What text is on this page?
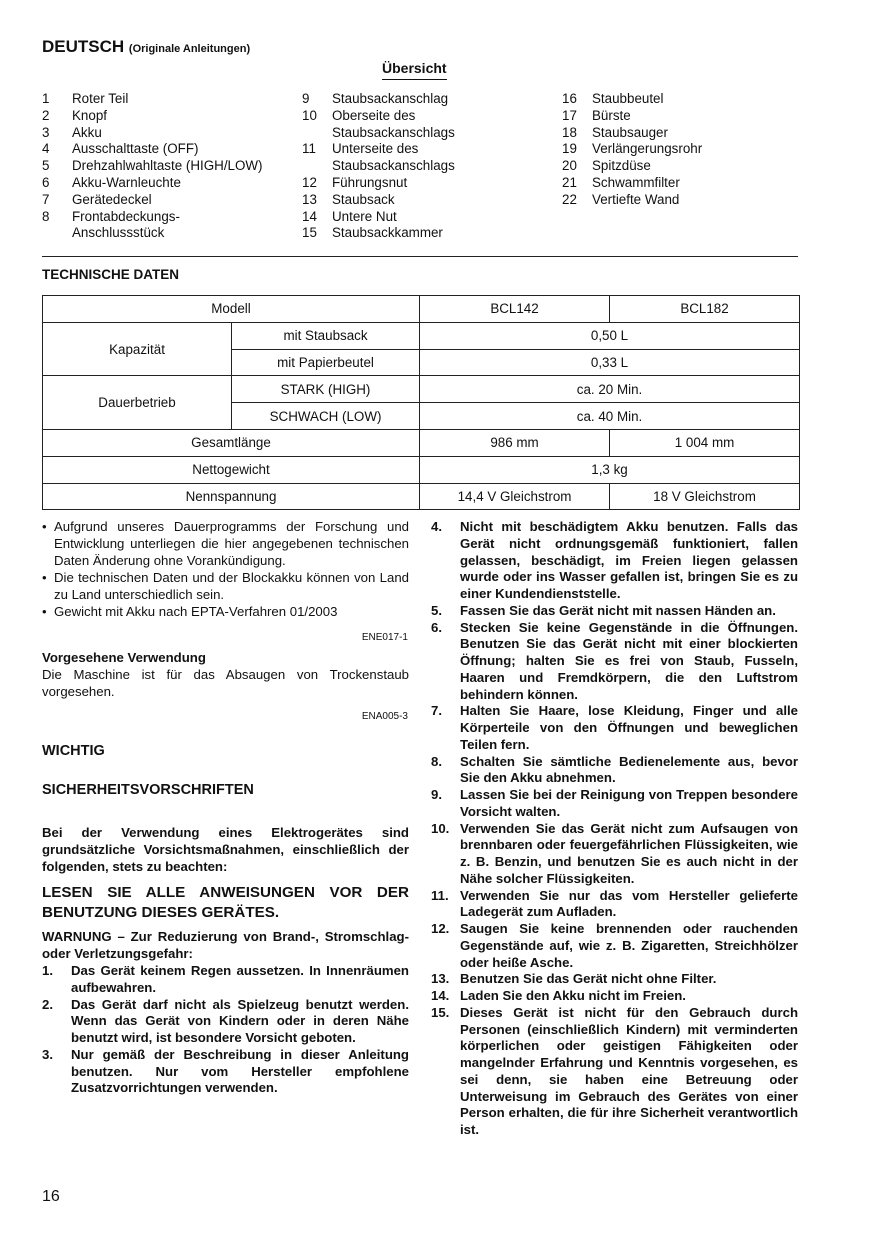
DEUTSCH (Originale Anleitungen)
Übersicht
1	Roter Teil
2	Knopf
3	Akku
4	Ausschalttaste (OFF)
5	Drehzahlwahltaste (HIGH/LOW)
6	Akku-Warnleuchte
7	Gerätedeckel
8	Frontabdeckungs-
Anschlussstück
9	Staubsackanschlag
10	Oberseite des
Staubsackanschlags
11	Unterseite des
Staubsackanschlags
12	Führungsnut
13	Staubsack
14	Untere Nut
15	Staubsackkammer
16	Staubbeutel
17	Bürste
18	Staubsauger
19	Verlängerungsrohr
20	Spitzdüse
21	Schwammfilter
22	Vertiefte Wand
TECHNISCHE DATEN
Modell		BCL142	BCL182
Kapazität	mit Staubsack	0,50 L	
	mit Papierbeutel	0,33 L	
Dauerbetrieb	STARK (HIGH)	ca. 20 Min.	
	SCHWACH (LOW)	ca. 40 Min.	
Gesamtlänge		986 mm	1 004 mm
Nettogewicht		1,3 kg	
Nennspannung		14,4 V Gleichstrom	18 V Gleichstrom
• Aufgrund unseres Dauerprogramms der Forschung und Entwicklung unterliegen die hier angegebenen technischen Daten Änderung ohne Vorankündigung.
• Die technischen Daten und der Blockakku können von Land zu Land unterschiedlich sein.
• Gewicht mit Akku nach EPTA-Verfahren 01/2003
ENE017-1
Vorgesehene Verwendung
Die Maschine ist für das Absaugen von Trockenstaub vorgesehen.
ENA005-3
WICHTIG
SICHERHEITSVORSCHRIFTEN
Bei der Verwendung eines Elektrogerätes sind grundsätzliche Vorsichtsmaßnahmen, einschließlich der folgenden, stets zu beachten:
LESEN SIE ALLE ANWEISUNGEN VOR DER BENUTZUNG DIESES GERÄTES.
WARNUNG – Zur Reduzierung von Brand-, Stromschlag- oder Verletzungsgefahr:
1.	Das Gerät keinem Regen aussetzen. In Innenräumen aufbewahren.
2.	Das Gerät darf nicht als Spielzeug benutzt werden. Wenn das Gerät von Kindern oder in deren Nähe benutzt wird, ist besondere Vorsicht geboten.
3.	Nur gemäß der Beschreibung in dieser Anleitung benutzen. Nur vom Hersteller empfohlene Zusatzvorrichtungen verwenden.
4.	Nicht mit beschädigtem Akku benutzen. Falls das Gerät nicht ordnungsgemäß funktioniert, fallen gelassen, beschädigt, im Freien liegen gelassen wurde oder ins Wasser gefallen ist, bringen Sie es zu einer Kundendienststelle.
5.	Fassen Sie das Gerät nicht mit nassen Händen an.
6.	Stecken Sie keine Gegenstände in die Öffnungen. Benutzen Sie das Gerät nicht mit einer blockierten Öffnung; halten Sie es frei von Staub, Fusseln, Haaren und Fremdkörpern, die den Luftstrom behindern können.
7.	Halten Sie Haare, lose Kleidung, Finger und alle Körperteile von den Öffnungen und beweglichen Teilen fern.
8.	Schalten Sie sämtliche Bedienelemente aus, bevor Sie den Akku abnehmen.
9.	Lassen Sie bei der Reinigung von Treppen besondere Vorsicht walten.
10. Verwenden Sie das Gerät nicht zum Aufsaugen von brennbaren oder feuergefährlichen Flüssigkeiten, wie z. B. Benzin, und benutzen Sie es auch nicht in der Nähe solcher Flüssigkeiten.
11. Verwenden Sie nur das vom Hersteller gelieferte Ladegerät zum Aufladen.
12. Saugen Sie keine brennenden oder rauchenden Gegenstände auf, wie z. B. Zigaretten, Streichhölzer oder heiße Asche.
13. Benutzen Sie das Gerät nicht ohne Filter.
14. Laden Sie den Akku nicht im Freien.
15. Dieses Gerät ist nicht für den Gebrauch durch Personen (einschließlich Kindern) mit verminderten körperlichen oder geistigen Fähigkeiten oder mangelnder Erfahrung und Kenntnis vorgesehen, es sei denn, sie haben eine Betreuung oder Unterweisung im Gebrauch des Gerätes von einer Person erhalten, die für ihre Sicherheit verantwortlich ist.
16
